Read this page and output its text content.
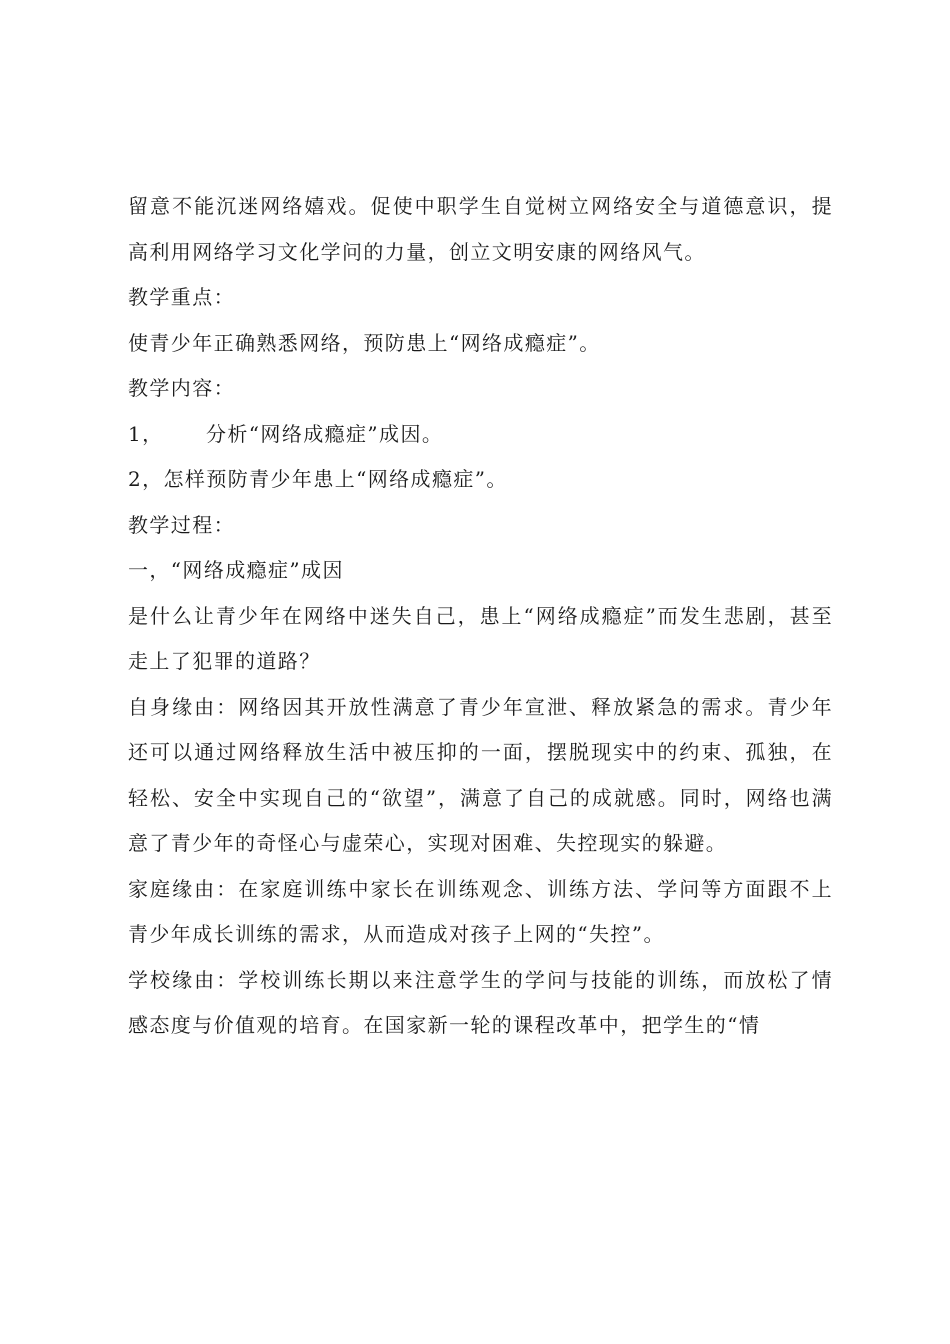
留意不能沉迷网络嬉戏。促使中职学生自觉树立网络安全与道德意识，提高利用网络学习文化学问的力量，创立文明安康的网络风气。

教学重点：

使青少年正确熟悉网络，预防患上“网络成瘾症”。

教学内容：

1，	分析“网络成瘾症”成因。

2， 怎样预防青少年患上“网络成瘾症”。

教学过程：

一，“网络成瘾症”成因

是什么让青少年在网络中迷失自己，患上“网络成瘾症”而发生悲剧，甚至走上了犯罪的道路？

自身缘由：网络因其开放性满意了青少年宣泄、释放紧急的需求。青少年还可以通过网络释放生活中被压抑的一面，摆脱现实中的约束、孤独，在轻松、安全中实现自己的“欲望”，满意了自己的成就感。同时，网络也满意了青少年的奇怪心与虚荣心，实现对困难、失控现实的躲避。

家庭缘由：在家庭训练中家长在训练观念、训练方法、学问等方面跟不上青少年成长训练的需求，从而造成对孩子上网的“失控”。

学校缘由：学校训练长期以来注意学生的学问与技能的训练，而放松了情感态度与价值观的培育。在国家新一轮的课程改革中，把学生的“情
